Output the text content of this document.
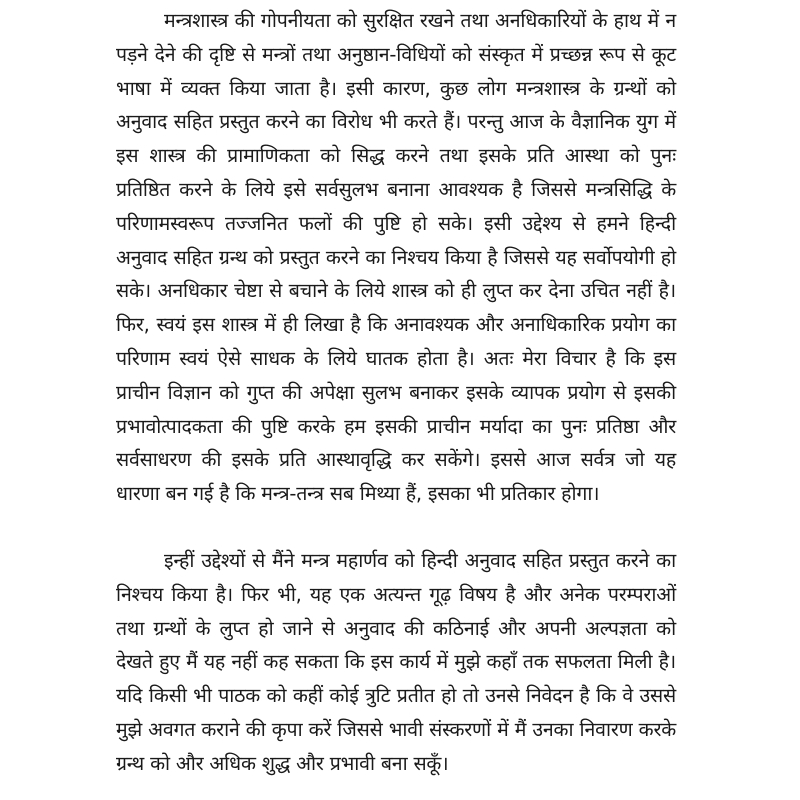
मन्त्रशास्त्र की गोपनीयता को सुरक्षित रखने तथा अनधिकारियों के हाथ में न पड़ने देने की दृष्टि से मन्त्रों तथा अनुष्ठान-विधियों को संस्कृत में प्रच्छन्न रूप से कूट भाषा में व्यक्त किया जाता है। इसी कारण, कुछ लोग मन्त्रशास्त्र के ग्रन्थों को अनुवाद सहित प्रस्तुत करने का विरोध भी करते हैं। परन्तु आज के वैज्ञानिक युग में इस शास्त्र की प्रामाणिकता को सिद्ध करने तथा इसके प्रति आस्था को पुनः प्रतिष्ठित करने के लिये इसे सर्वसुलभ बनाना आवश्यक है जिससे मन्त्रसिद्धि के परिणामस्वरूप तज्जनित फलों की पुष्टि हो सके। इसी उद्देश्य से हमने हिन्दी अनुवाद सहित ग्रन्थ को प्रस्तुत करने का निश्चय किया है जिससे यह सर्वोपयोगी हो सके। अनधिकार चेष्टा से बचाने के लिये शास्त्र को ही लुप्त कर देना उचित नहीं है। फिर, स्वयं इस शास्त्र में ही लिखा है कि अनावश्यक और अनाधिकारिक प्रयोग का परिणाम स्वयं ऐसे साधक के लिये घातक होता है। अतः मेरा विचार है कि इस प्राचीन विज्ञान को गुप्त की अपेक्षा सुलभ बनाकर इसके व्यापक प्रयोग से इसकी प्रभावोत्पादकता की पुष्टि करके हम इसकी प्राचीन मर्यादा का पुनः प्रतिष्ठा और सर्वसाधरण की इसके प्रति आस्थावृद्धि कर सकेंगे। इससे आज सर्वत्र जो यह धारणा बन गई है कि मन्त्र-तन्त्र सब मिथ्या हैं, इसका भी प्रतिकार होगा।

इन्हीं उद्देश्यों से मैंने मन्त्र महार्णव को हिन्दी अनुवाद सहित प्रस्तुत करने का निश्चय किया है। फिर भी, यह एक अत्यन्त गूढ़ विषय है और अनेक परम्पराओं तथा ग्रन्थों के लुप्त हो जाने से अनुवाद की कठिनाई और अपनी अल्पज्ञता को देखते हुए मैं यह नहीं कह सकता कि इस कार्य में मुझे कहाँ तक सफलता मिली है। यदि किसी भी पाठक को कहीं कोई त्रुटि प्रतीत हो तो उनसे निवेदन है कि वे उससे मुझे अवगत कराने की कृपा करें जिससे भावी संस्करणों में मैं उनका निवारण करके ग्रन्थ को और अधिक शुद्ध और प्रभावी बना सकूँ।
